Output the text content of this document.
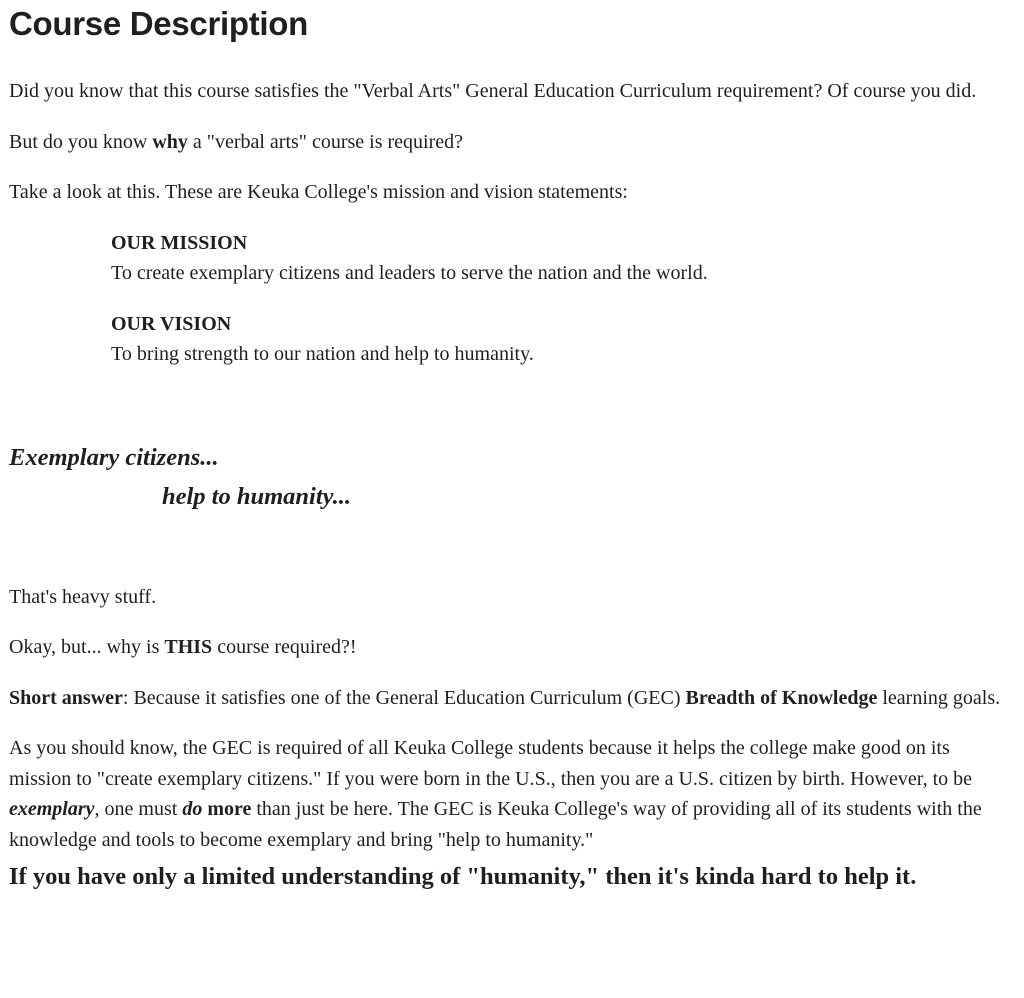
Course Description

Did you know that this course satisfies the "Verbal Arts" General Education Curriculum requirement? Of course you did.

But do you know why a "verbal arts" course is required?

Take a look at this. These are Keuka College's mission and vision statements:

OUR MISSION

To create exemplary citizens and leaders to serve the nation and the world.

OUR VISION

To bring strength to our nation and help to humanity.

Exemplary citizens...

help to humanity...

That's heavy stuff.

Okay, but... why is THIS course required?!

Short answer: Because it satisfies one of the General Education Curriculum (GEC) Breadth of Knowledge learning goals.

As you should know, the GEC is required of all Keuka College students because it helps the college make good on its mission to "create exemplary citizens." If you were born in the U.S., then you are a U.S. citizen by birth. However, to be exemplary, one must do more than just be here. The GEC is Keuka College's way of providing all of its students with the knowledge and tools to become exemplary and bring "help to humanity."

If you have only a limited understanding of "humanity," then it's kinda hard to help it.
